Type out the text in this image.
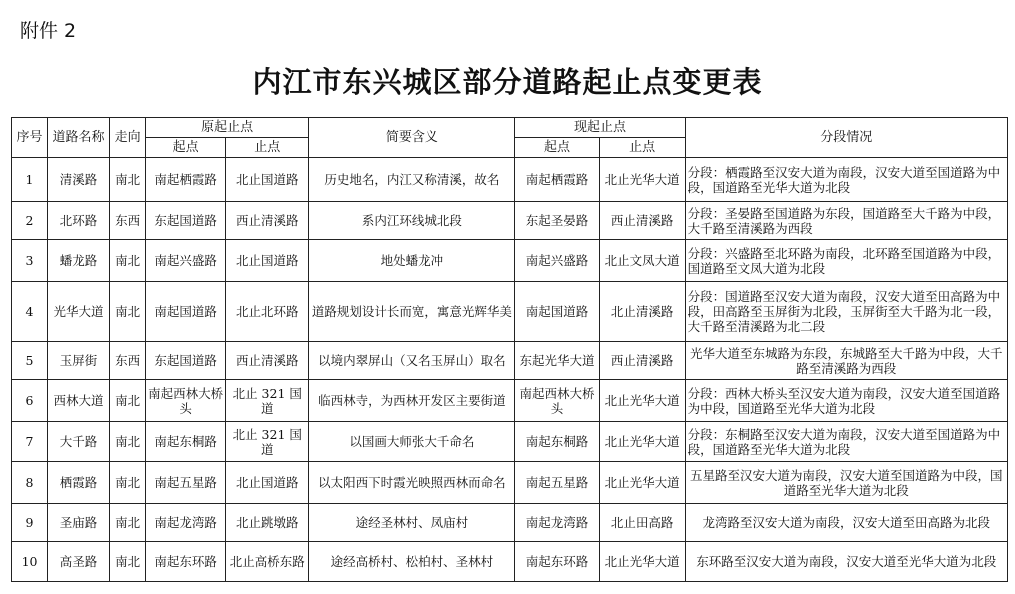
附件 2
内江市东兴城区部分道路起止点变更表
序号	道路名称	走向	原起止点		简要含义	现起止点		分段情况
			起点	止点		起点	止点	
1	清溪路	南北	南起栖霞路	北止国道路	历史地名，内江又称清溪，故名	南起栖霞路	北止光华大道	分段：栖霞路至汉安大道为南段，汉安大道至国道路为中段，国道路至光华大道为北段
2	北环路	东西	东起国道路	西止清溪路	系内江环线城北段	东起圣晏路	西止清溪路	分段：圣晏路至国道路为东段，国道路至大千路为中段，大千路至清溪路为西段
3	蟠龙路	南北	南起兴盛路	北止国道路	地处蟠龙冲	南起兴盛路	北止文凤大道	分段：兴盛路至北环路为南段，北环路至国道路为中段，国道路至文凤大道为北段
4	光华大道	南北	南起国道路	北止北环路	道路规划设计长而宽，寓意光辉华美	南起国道路	北止清溪路	分段：国道路至汉安大道为南段，汉安大道至田高路为中段，田高路至玉屏街为北段，玉屏街至大千路为北一段，大千路至清溪路为北二段
5	玉屏街	东西	东起国道路	西止清溪路	以境内翠屏山（又名玉屏山）取名	东起光华大道	西止清溪路	光华大道至东城路为东段，东城路至大千路为中段，大千路至清溪路为西段
6	西林大道	南北	南起西林大桥头	北止 321 国道	临西林寺，为西林开发区主要街道	南起西林大桥头	北止光华大道	分段：西林大桥头至汉安大道为南段，汉安大道至国道路为中段，国道路至光华大道为北段
7	大千路	南北	南起东桐路	北止 321 国道	以国画大师张大千命名	南起东桐路	北止光华大道	分段：东桐路至汉安大道为南段，汉安大道至国道路为中段，国道路至光华大道为北段
8	栖霞路	南北	南起五星路	北止国道路	以太阳西下时霞光映照西林而命名	南起五星路	北止光华大道	五星路至汉安大道为南段，汉安大道至国道路为中段，国道路至光华大道为北段
9	圣庙路	南北	南起龙湾路	北止跳墩路	途经圣林村、凤庙村	南起龙湾路	北止田高路	龙湾路至汉安大道为南段，汉安大道至田高路为北段
10	高圣路	南北	南起东环路	北止高桥东路	途经高桥村、松柏村、圣林村	南起东环路	北止光华大道	东环路至汉安大道为南段，汉安大道至光华大道为北段
